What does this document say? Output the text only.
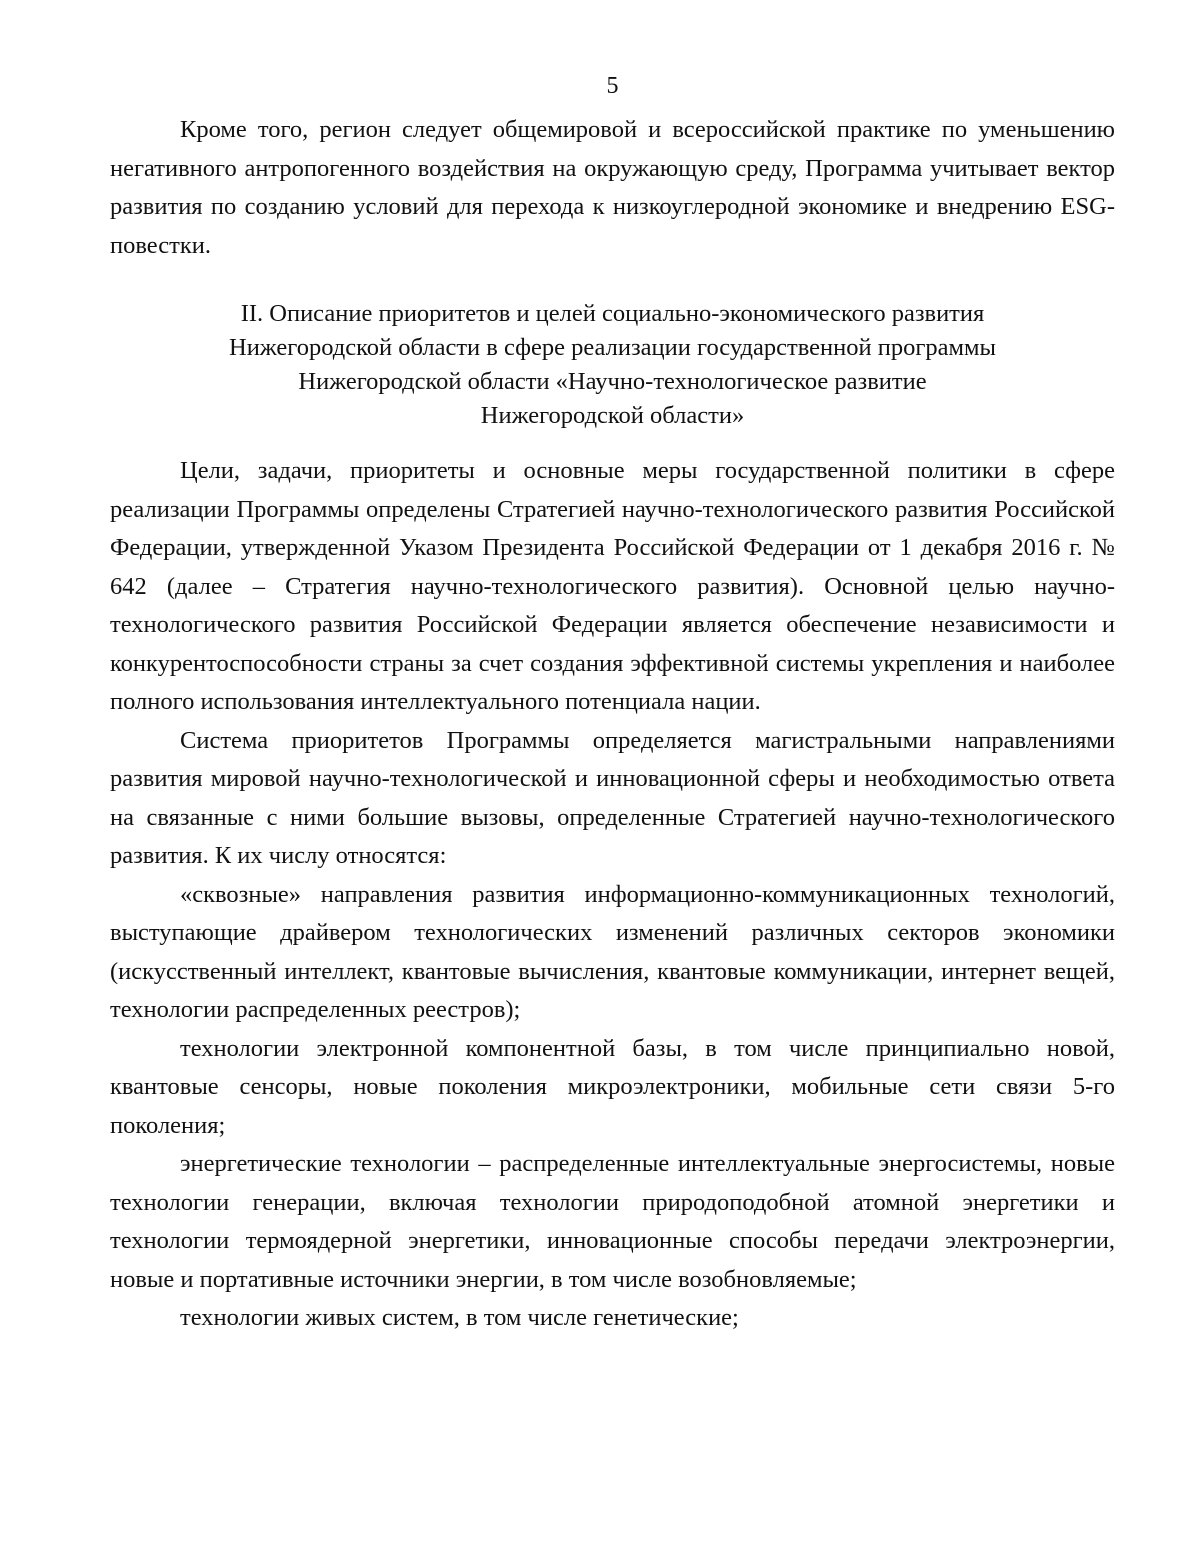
5

Кроме того, регион следует общемировой и всероссийской практике по уменьшению негативного антропогенного воздействия на окружающую среду, Программа учитывает вектор развития по созданию условий для перехода к низкоуглеродной экономике и внедрению ESG-повестки.

II. Описание приоритетов и целей социально-экономического развития
Нижегородской области в сфере реализации государственной программы
Нижегородской области «Научно-технологическое развитие
Нижегородской области»

Цели, задачи, приоритеты и основные меры государственной политики в сфере реализации Программы определены Стратегией научно-технологического развития Российской Федерации, утвержденной Указом Президента Российской Федерации от 1 декабря 2016 г. № 642 (далее – Стратегия научно-технологического развития). Основной целью научно-технологического развития Российской Федерации является обеспечение независимости и конкурентоспособности страны за счет создания эффективной системы укрепления и наиболее полного использования интеллектуального потенциала нации.

Система приоритетов Программы определяется магистральными направлениями развития мировой научно-технологической и инновационной сферы и необходимостью ответа на связанные с ними большие вызовы, определенные Стратегией научно-технологического развития. К их числу относятся:

«сквозные» направления развития информационно-коммуникационных технологий, выступающие драйвером технологических изменений различных секторов экономики (искусственный интеллект, квантовые вычисления, квантовые коммуникации, интернет вещей, технологии распределенных реестров);

технологии электронной компонентной базы, в том числе принципиально новой, квантовые сенсоры, новые поколения микроэлектроники, мобильные сети связи 5-го поколения;

энергетические технологии – распределенные интеллектуальные энергосистемы, новые технологии генерации, включая технологии природоподобной атомной энергетики и технологии термоядерной энергетики, инновационные способы передачи электроэнергии, новые и портативные источники энергии, в том числе возобновляемые;

технологии живых систем, в том числе генетические;
